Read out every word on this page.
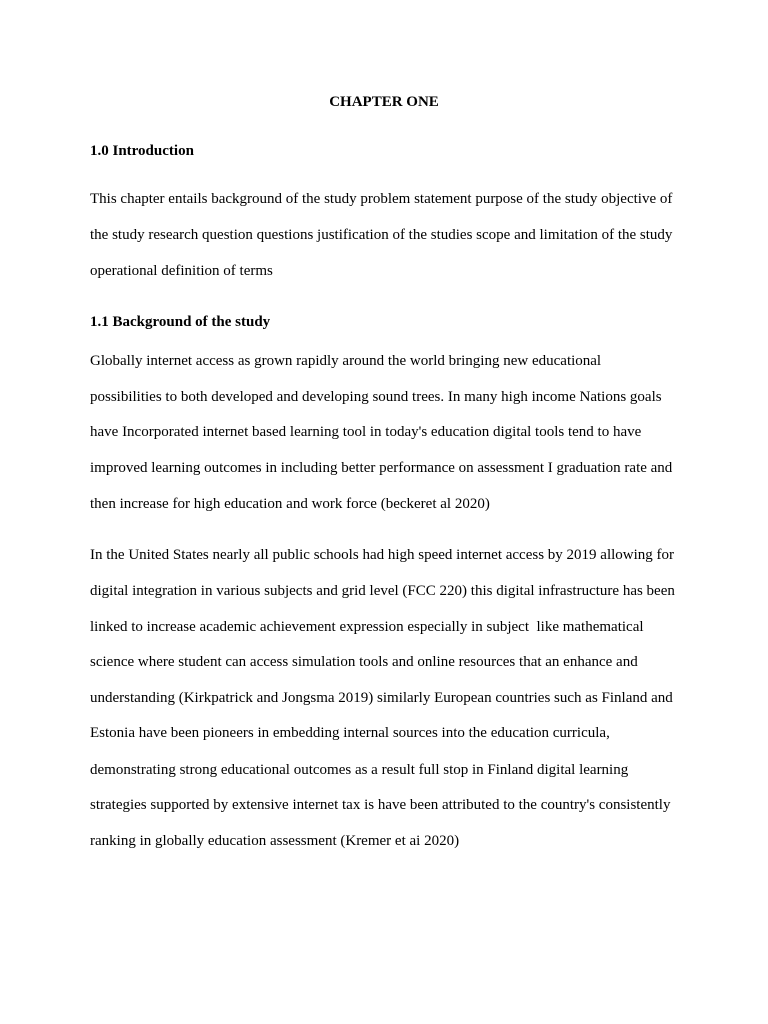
CHAPTER ONE
1.0 Introduction

This chapter entails background of the study problem statement purpose of the study objective of

the study research question questions justification of the studies scope and limitation of the study

operational definition of terms

1.1 Background of the study

Globally internet access as grown rapidly around the world bringing new educational

possibilities to both developed and developing sound trees. In many high income Nations goals

have Incorporated internet based learning tool in today's education digital tools tend to have

improved learning outcomes in including better performance on assessment I graduation rate and

then increase for high education and work force (beckeret al 2020)

In the United States nearly all public schools had high speed internet access by 2019 allowing for

digital integration in various subjects and grid level (FCC 220) this digital infrastructure has been

linked to increase academic achievement expression especially in subject  like mathematical

science where student can access simulation tools and online resources that an enhance and

understanding (Kirkpatrick and Jongsma 2019) similarly European countries such as Finland and

Estonia have been pioneers in embedding internal sources into the education curricula,

demonstrating strong educational outcomes as a result full stop in Finland digital learning

strategies supported by extensive internet tax is have been attributed to the country's consistently

ranking in globally education assessment (Kremer et ai 2020)
